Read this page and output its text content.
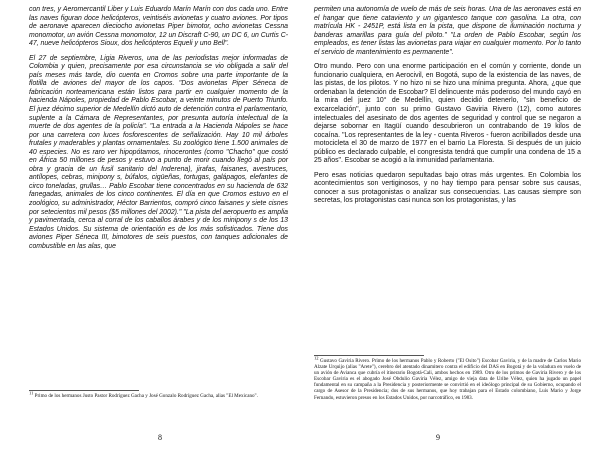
con tres, y Aeromercantil Liber y Luis Eduardo Marín Marín con dos cada uno. Entre las naves figuran doce helicópteros, veintiséis avionetas y cuatro aviones. Por tipos de aeronave aparecen dieciocho avionetas Piper bimotor, ocho avionetas Cessna monomotor, un avión Cessna monomotor, 12 un Discraft C-90, un DC 6, un Curtis C-47, nueve helicópteros Sioux, dos helicópteros Equeli y uno Bell".

El 27 de septiembre, Ligia Riveros, una de las periodistas mejor informadas de Colombia y quien, precisamente por esa circunstancia se vio obligada a salir del país meses más tarde, dio cuenta en Cromos sobre una parte importante de la flotilla de aviones del mayor de los capos. "Dos avionetas Piper Séneca de fabricación norteamericana están listos para partir en cualquier momento de la hacienda Nápoles, propiedad de Pablo Escobar, a veinte minutos de Puerto Triunfo. El juez décimo superior de Medellín dictó auto de detención contra el parlamentario, suplente a la Cámara de Representantes, por presunta autoría intelectual de la muerte de dos agentes de la policía". "La entrada a la Hacienda Nápoles se hace por una carretera con luces fosforescentes de señalización. Hay 10 mil árboles frutales y maderables y plantas ornamentales. Su zoológico tiene 1.500 animales de 40 especies. No es raro ver hipopótamos, rinocerontes (como "Chacho" que costó en África 50 millones de pesos y estuvo a punto de morir cuando llegó al país por obra y gracia de un fusil sanitario del Inderena), jirafas, faisanes, avestruces, antílopes, cebras, minipony s, búfalos, cigüeñas, tortugas, galápagos, elefantes de circo toneladas, grullas… Pablo Escobar tiene concentrados en su hacienda de 632 fanegadas, animales de los cinco continentes. El día en que Cromos estuvo en el zoológico, su administrador, Héctor Barrientos, compró cinco faisanes y siete cisnes por setecientos mil pesos ($5 millones del 2002)." "La pista del aeropuerto es amplia y pavimentada, cerca al corral de los caballos árabes y de los minipony s de los 13 Estados Unidos. Su sistema de orientación es de los más sofisticados. Tiene dos aviones Piper Séneca III, bimotores de seis puestos, con tanques adicionales de combustible en las alas, que

$^{11}$ Primo de los hermanos Justo Pastor Rodríguez Gacha y José Gonzalo Rodríguez Gacha, alias "El Mexicano".

8

permiten una autonomía de vuelo de más de seis horas. Una de las aeronaves está en el hangar que tiene cataviento y un gigantesco tanque con gasolina. La otra, con matrícula HK - 2451P, está lista en la pista, que dispone de iluminación nocturna y banderas amarillas para guía del piloto." "La orden de Pablo Escobar, según los empleados, es tener listas las avionetas para viajar en cualquier momento. Por lo tanto el servicio de mantenimiento es permanente".

Otro mundo. Pero con una enorme participación en el común y corriente, donde un funcionario cualquiera, en Aerocivil, en Bogotá, supo de la existencia de las naves, de las pistas, de los pilotos. Y no hizo ni se hizo una mínima pregunta. Ahora, ¿que que ordenaban la detención de Escobar? El delincuente más poderoso del mundo cayó en la mira del juez 10° de Medellín, quien decidió detenerlo, "sin beneficio de excarcelación", junto con su primo Gustavo Gaviria Rivero (12), como autores intelectuales del asesinato de dos agentes de seguridad y control que se negaron a dejarse sobornar en Itagüí cuando descubrieron un contrabando de 19 kilos de cocaína. "Los representantes de la ley - cuenta Riveros - fueron acribillados desde una motocicleta el 30 de marzo de 1977 en el barrio La Floresta. Si después de un juicio público es declarado culpable, el congresista tendrá que cumplir una condena de 15 a 25 años". Escobar se acogió a la inmunidad parlamentaria.

Pero esas noticias quedaron sepultadas bajo otras más urgentes. En Colombia los acontecimientos son vertiginosos, y no hay tiempo para pensar sobre sus causas, conocer a sus protagonistas o analizar sus consecuencias. Las causas siempre son secretas, los protagonistas casi nunca son los protagonistas, y las

$^{12}$ Gustavo Gaviria Rivero. Primo de los hermanos Pablo y Roberto ("El Osito") Escobar Gaviria, y de la madre de Carlos Mario Alzate Urquijo (alias "Arete"), cerebro del atentado dinamitero contra el edificio del DAS en Bogotá y de la voladura en vuelo de un avión de Avianca que cubría el itinerario Bogotá-Cali, ambos hechos en 1989. Otro de los primos de Gaviria Rivero y de los Escobar Gaviria es el abogado José Obdulio Gaviria Vélez, amigo de vieja data de Uribe Vélez, quien ha jugado un papel fundamental en su campaña a la Presidencia y posteriormente se convirtió en el ideólogo principal de su Gobierno, ocupando el cargo de Asesor de la Presidencia; dos de sus hermanos, que hoy trabajan para el Estado colombiano, Luis Mario y Jorge Fernando, estuvieron presos en los Estados Unidos, por narcotráfico, en 1983.

9
